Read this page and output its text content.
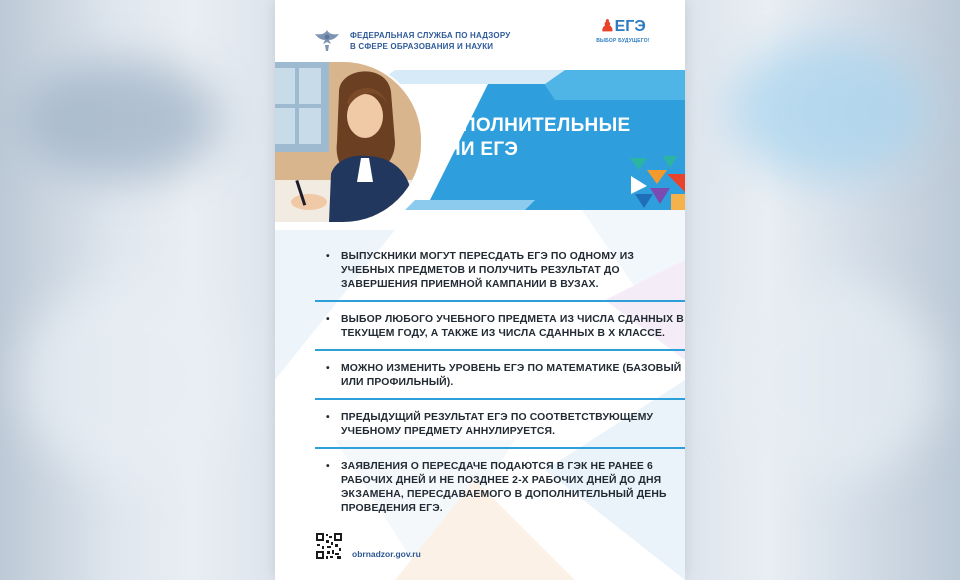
ФЕДЕРАЛЬНАЯ СЛУЖБА ПО НАДЗОРУ
В СФЕРЕ ОБРАЗОВАНИЯ И НАУКИ
♟ЕГЭ
ВЫБОР БУДУЩЕГО!
ДОПОЛНИТЕЛЬНЫЕ
ДНИ ЕГЭ
• ВЫПУСКНИКИ МОГУТ ПЕРЕСДАТЬ ЕГЭ ПО ОДНОМУ ИЗ УЧЕБНЫХ ПРЕДМЕТОВ И ПОЛУЧИТЬ РЕЗУЛЬТАТ ДО ЗАВЕРШЕНИЯ ПРИЕМНОЙ КАМПАНИИ В ВУЗАХ.
• ВЫБОР ЛЮБОГО УЧЕБНОГО ПРЕДМЕТА ИЗ ЧИСЛА СДАННЫХ В ТЕКУЩЕМ ГОДУ, А ТАКЖЕ ИЗ ЧИСЛА СДАННЫХ В X КЛАССЕ.
• МОЖНО ИЗМЕНИТЬ УРОВЕНЬ ЕГЭ ПО МАТЕМАТИКЕ (БАЗОВЫЙ ИЛИ ПРОФИЛЬНЫЙ).
• ПРЕДЫДУЩИЙ РЕЗУЛЬТАТ ЕГЭ ПО СООТВЕТСТВУЮЩЕМУ УЧЕБНОМУ ПРЕДМЕТУ АННУЛИРУЕТСЯ.
• ЗАЯВЛЕНИЯ О ПЕРЕСДАЧЕ ПОДАЮТСЯ В ГЭК НЕ РАНЕЕ 6 РАБОЧИХ ДНЕЙ И НЕ ПОЗДНЕЕ 2-Х РАБОЧИХ ДНЕЙ ДО ДНЯ ЭКЗАМЕНА, ПЕРЕСДАВАЕМОГО В ДОПОЛНИТЕЛЬНЫЙ ДЕНЬ ПРОВЕДЕНИЯ ЕГЭ.
obrnadzor.gov.ru
